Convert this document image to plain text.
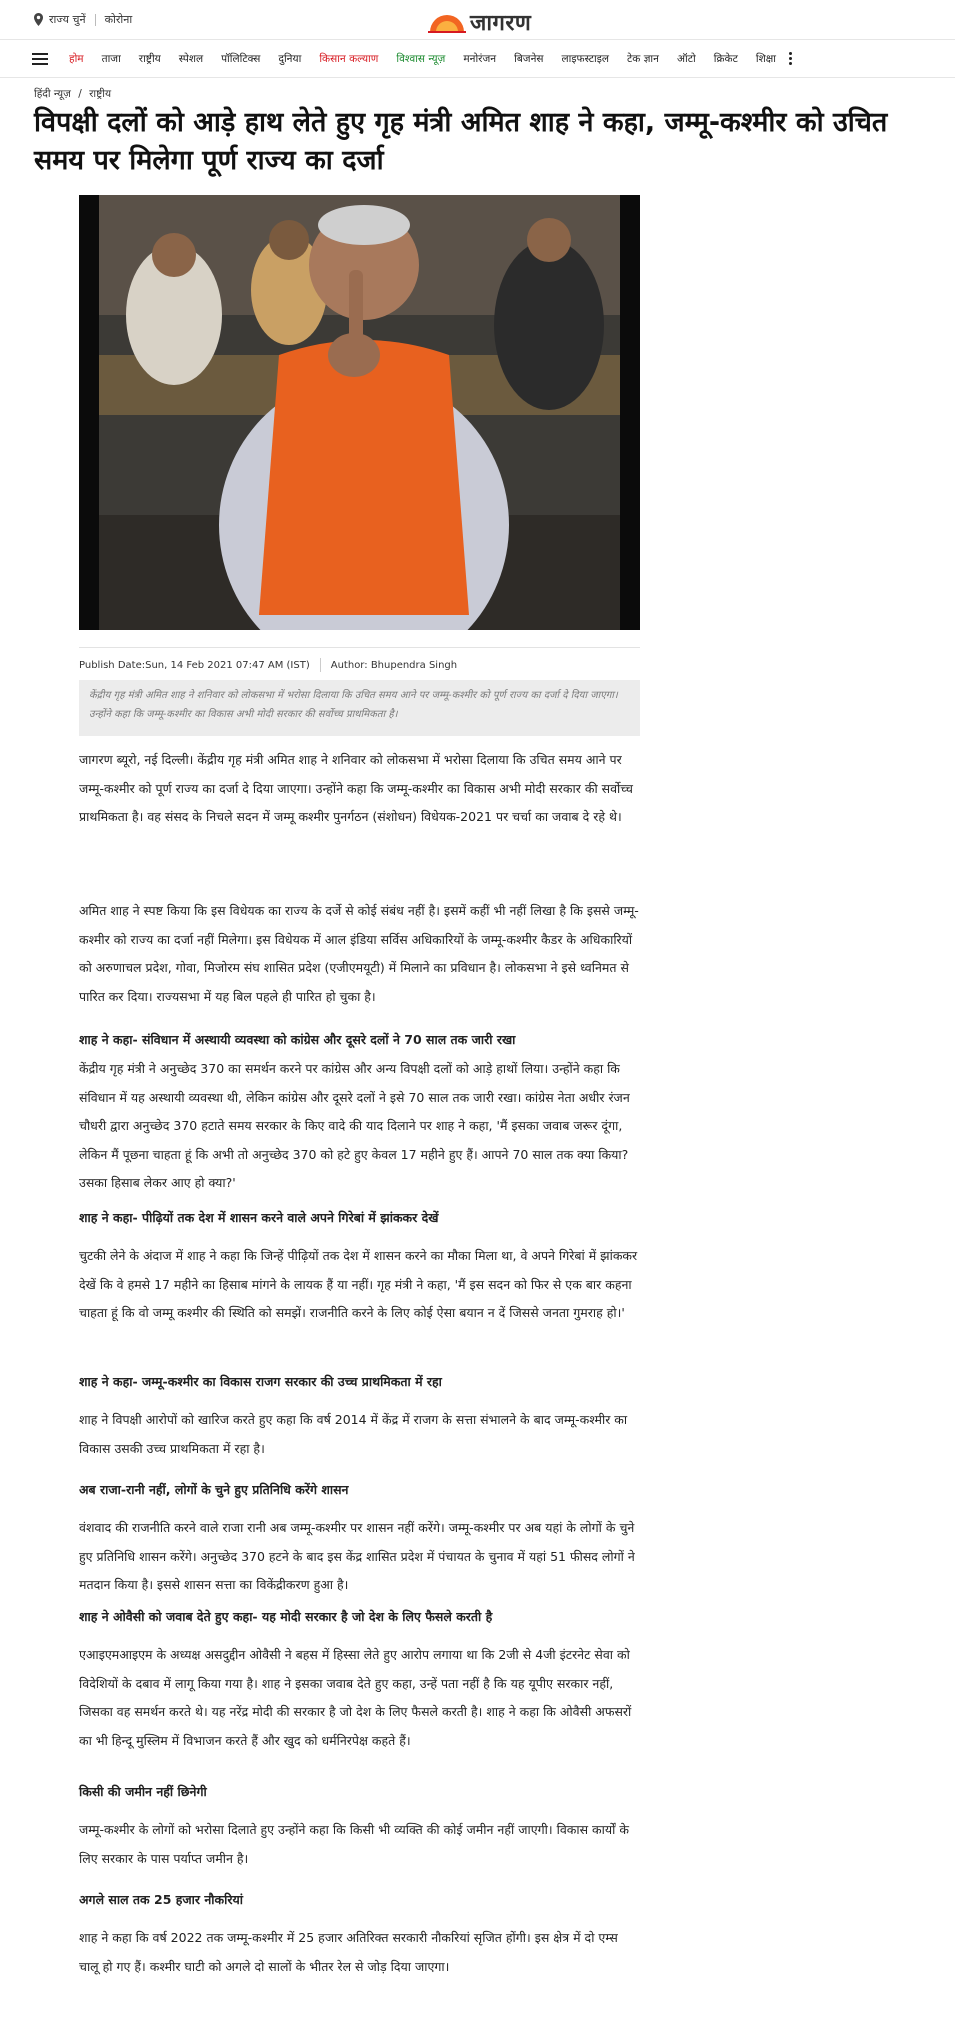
राज्य चुनें कोरोना	जागरण
होम	ताजा	राष्ट्रीय	स्पेशल	पॉलिटिक्स	दुनिया	किसान कल्याण	विश्वास न्यूज़	मनोरंजन	बिजनेस	लाइफस्टाइल	टेक ज्ञान	ऑटो	क्रिकेट	शिक्षा
हिंदी न्यूज़ / राष्ट्रीय
विपक्षी दलों को आड़े हाथ लेते हुए गृह मंत्री अमित शाह ने कहा, जम्मू-कश्मीर को उचित समय पर मिलेगा पूर्ण राज्य का दर्जा
Publish Date:Sun, 14 Feb 2021 07:47 AM (IST) Author:
Bhupendra Singh
केंद्रीय गृह मंत्री अमित शाह ने शनिवार को लोकसभा में भरोसा दिलाया कि उचित समय आने पर जम्मू-कश्मीर को पूर्ण राज्य का दर्जा दे दिया जाएगा। उन्होंने कहा कि जम्मू-कश्मीर का विकास अभी मोदी सरकार की सर्वोच्च प्राथमिकता है।

जागरण ब्यूरो, नई दिल्ली। केंद्रीय गृह मंत्री अमित शाह ने शनिवार को लोकसभा में भरोसा दिलाया कि उचित समय आने पर जम्मू-कश्मीर को पूर्ण राज्य का दर्जा दे दिया जाएगा। उन्होंने कहा कि जम्मू-कश्मीर का विकास अभी मोदी सरकार की सर्वोच्च प्राथमिकता है। वह संसद के निचले सदन में जम्मू कश्मीर पुनर्गठन (संशोधन) विधेयक-2021 पर चर्चा का जवाब दे रहे थे।

अमित शाह ने स्पष्ट किया कि इस विधेयक का राज्य के दर्जे से कोई संबंध नहीं है। इसमें कहीं भी नहीं लिखा है कि इससे जम्मू-कश्मीर को राज्य का दर्जा नहीं मिलेगा। इस विधेयक में आल इंडिया सर्विस अधिकारियों के जम्मू-कश्मीर कैडर के अधिकारियों को अरुणाचल प्रदेश, गोवा, मिजोरम संघ शासित प्रदेश (एजीएमयूटी) में मिलाने का प्रविधान है। लोकसभा ने इसे ध्वनिमत से पारित कर दिया। राज्यसभा में यह बिल पहले ही पारित हो चुका है।

शाह ने कहा- संविधान में अस्थायी व्यवस्था को कांग्रेस और दूसरे दलों ने 70 साल तक जारी रखा

केंद्रीय गृह मंत्री ने अनुच्छेद 370 का समर्थन करने पर कांग्रेस और अन्य विपक्षी दलों को आड़े हाथों लिया। उन्होंने कहा कि संविधान में यह अस्थायी व्यवस्था थी, लेकिन कांग्रेस और दूसरे दलों ने इसे 70 साल तक जारी रखा। कांग्रेस नेता अधीर रंजन चौधरी द्वारा अनुच्छेद 370 हटाते समय सरकार के किए वादे की याद दिलाने पर शाह ने कहा, 'मैं इसका जवाब जरूर दूंगा, लेकिन मैं पूछना चाहता हूं कि अभी तो अनुच्छेद 370 को हटे हुए केवल 17 महीने हुए हैं। आपने 70 साल तक क्या किया? उसका हिसाब लेकर आए हो क्या?'

शाह ने कहा- पीढ़ियों तक देश में शासन करने वाले अपने गिरेबां में झांककर देखें

चुटकी लेने के अंदाज में शाह ने कहा कि जिन्हें पीढ़ियों तक देश में शासन करने का मौका मिला था, वे अपने गिरेबां में झांककर देखें कि वे हमसे 17 महीने का हिसाब मांगने के लायक हैं या नहीं। गृह मंत्री ने कहा, 'मैं इस सदन को फिर से एक बार कहना चाहता हूं कि वो जम्मू कश्मीर की स्थिति को समझें। राजनीति करने के लिए कोई ऐसा बयान न दें जिससे जनता गुमराह हो।'

शाह ने कहा- जम्मू-कश्मीर का विकास राजग सरकार की उच्च प्राथमिकता में रहा

शाह ने विपक्षी आरोपों को खारिज करते हुए कहा कि वर्ष 2014 में केंद्र में राजग के सत्ता संभालने के बाद जम्मू-कश्मीर का विकास उसकी उच्च प्राथमिकता में रहा है।

अब राजा-रानी नहीं, लोगों के चुने हुए प्रतिनिधि करेंगे शासन

वंशवाद की राजनीति करने वाले राजा रानी अब जम्मू-कश्मीर पर शासन नहीं करेंगे। जम्मू-कश्मीर पर अब यहां के लोगों के चुने हुए प्रतिनिधि शासन करेंगे। अनुच्छेद 370 हटने के बाद इस केंद्र शासित प्रदेश में पंचायत के चुनाव में यहां 51 फीसद लोगों ने मतदान किया है। इससे शासन सत्ता का विकेंद्रीकरण हुआ है।

शाह ने ओवैसी को जवाब देते हुए कहा- यह मोदी सरकार है जो देश के लिए फैसले करती है

एआइएमआइएम के अध्यक्ष असदुद्दीन ओवैसी ने बहस में हिस्सा लेते हुए आरोप लगाया था कि 2जी से 4जी इंटरनेट सेवा को विदेशियों के दबाव में लागू किया गया है। शाह ने इसका जवाब देते हुए कहा, उन्हें पता नहीं है कि यह यूपीए सरकार नहीं, जिसका वह समर्थन करते थे। यह नरेंद्र मोदी की सरकार है जो देश के लिए फैसले करती है। शाह ने कहा कि ओवैसी अफसरों का भी हिन्दू मुस्लिम में विभाजन करते हैं और खुद को धर्मनिरपेक्ष कहते हैं।

किसी की जमीन नहीं छिनेगी

जम्मू-कश्मीर के लोगों को भरोसा दिलाते हुए उन्होंने कहा कि किसी भी व्यक्ति की कोई जमीन नहीं जाएगी। विकास कार्यों के लिए सरकार के पास पर्याप्त जमीन है।

अगले साल तक 25 हजार नौकरियां

शाह ने कहा कि वर्ष 2022 तक जम्मू-कश्मीर में 25 हजार अतिरिक्त सरकारी नौकरियां सृजित होंगी। इस क्षेत्र में दो एम्स चालू हो गए हैं। कश्मीर घाटी को अगले दो सालों के भीतर रेल से जोड़ दिया जाएगा।
